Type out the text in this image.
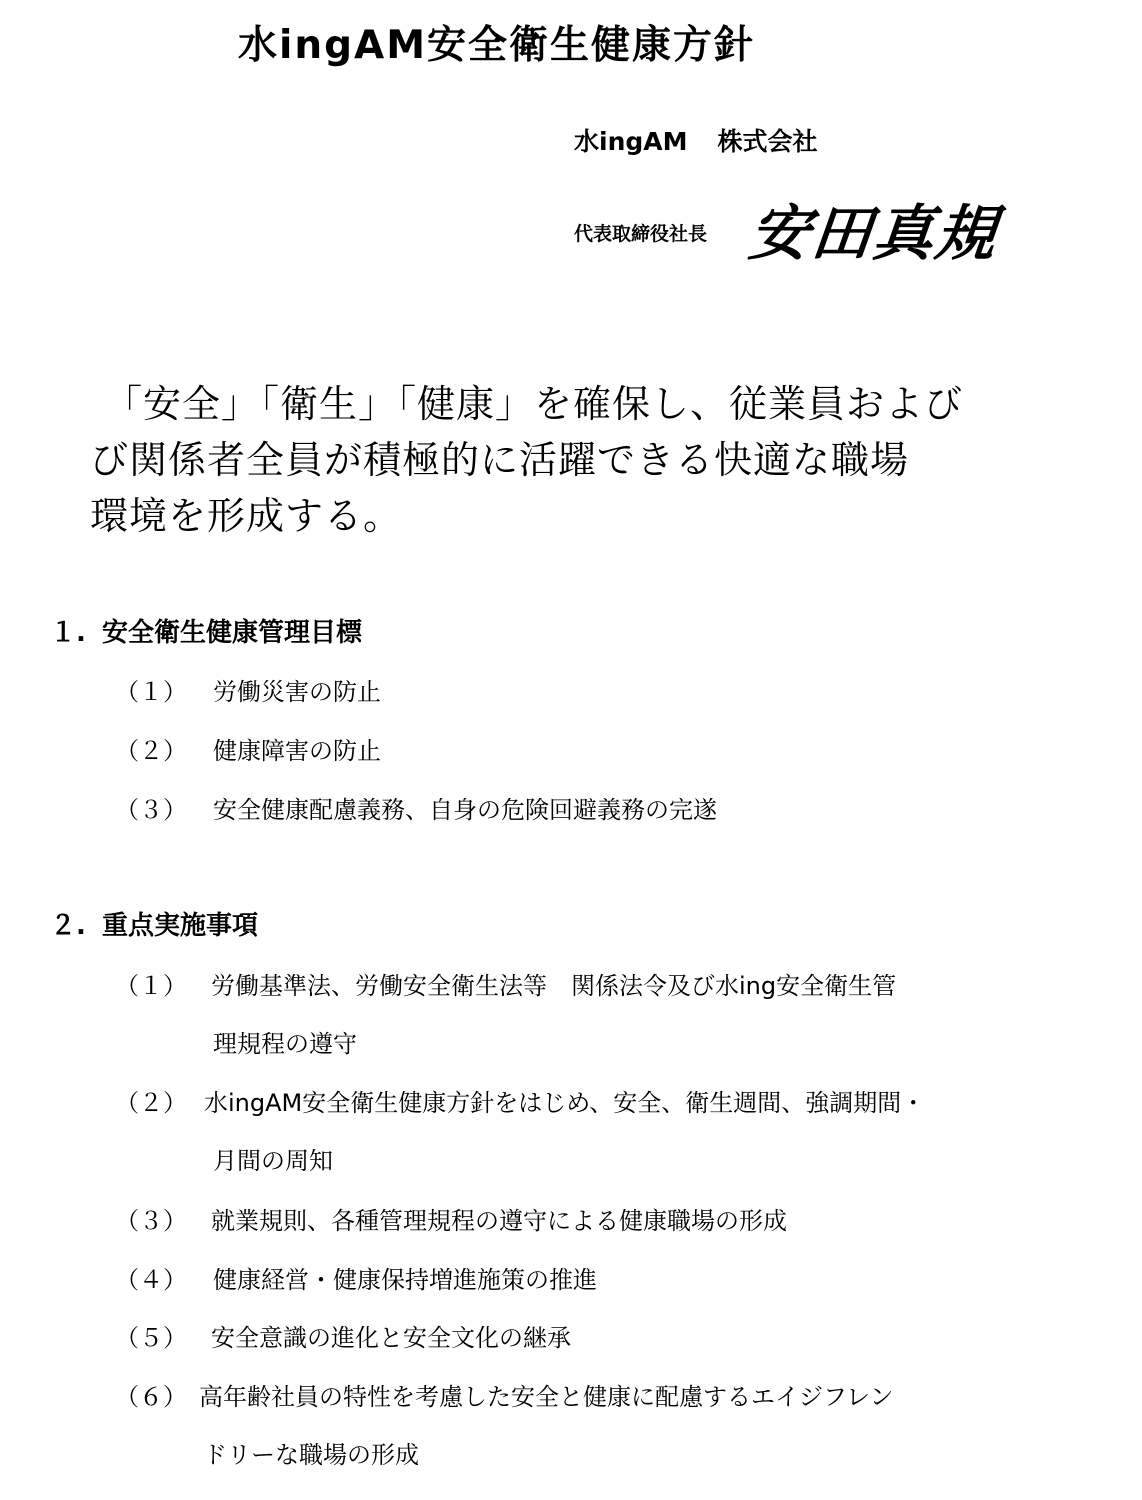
水ingAM安全衛生健康方針
水ingAM 株式会社
代表取締役社長 安田真規
「安全」「衛生」「健康」を確保し、従業員および
び関係者全員が積極的に活躍できる快適な職場
環境を形成する。
１. 安全衛生健康管理目標
（１） 労働災害の防止
（２） 健康障害の防止
（３） 安全健康配慮義務、自身の危険回避義務の完遂
２. 重点実施事項
（１） 労働基準法、労働安全衛生法等　関係法令及び水ing安全衛生管
理規程の遵守
（２） 水ingAM安全衛生健康方針をはじめ、安全、衛生週間、強調期間・
月間の周知
（３） 就業規則、各種管理規程の遵守による健康職場の形成
（４） 健康経営・健康保持増進施策の推進
（５） 安全意識の進化と安全文化の継承
（６） 高年齢社員の特性を考慮した安全と健康に配慮するエイジフレン
ドリーな職場の形成
